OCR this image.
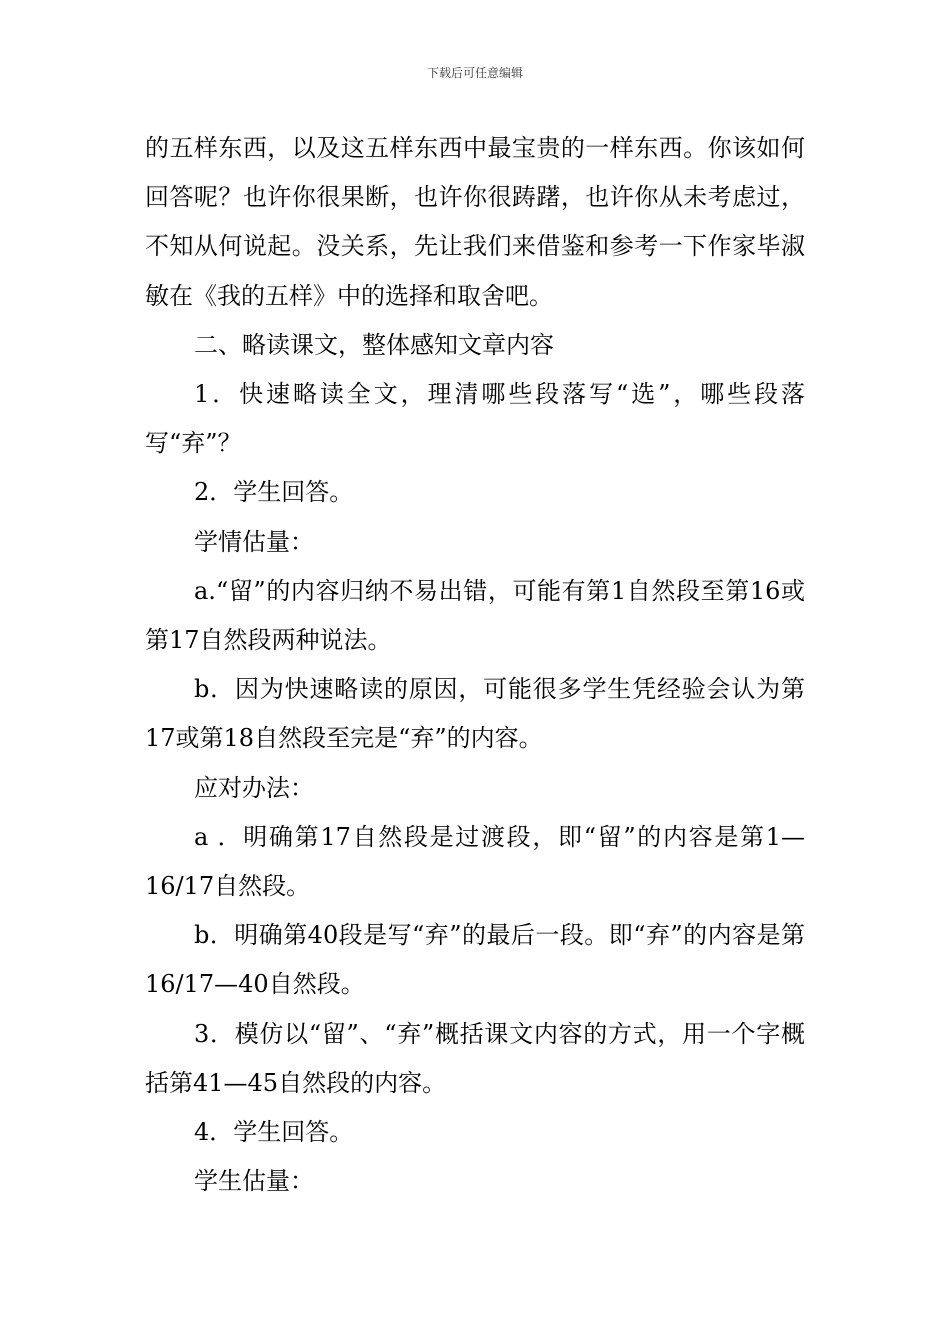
下载后可任意编辑

的五样东西，以及这五样东西中最宝贵的一样东西。你该如何回答呢？也许你很果断，也许你很踌躇，也许你从未考虑过，不知从何说起。没关系，先让我们来借鉴和参考一下作家毕淑敏在《我的五样》中的选择和取舍吧。

二、略读课文，整体感知文章内容

1．快速略读全文，理清哪些段落写“选”，哪些段落写“弃”？

2．学生回答。

学情估量：

a.“留”的内容归纳不易出错，可能有第1自然段至第16或第17自然段两种说法。

b．因为快速略读的原因，可能很多学生凭经验会认为第17或第18自然段至完是“弃”的内容。

应对办法：

a ．明确第17自然段是过渡段，即“留”的内容是第1—16/17自然段。

b．明确第40段是写“弃”的最后一段。即“弃”的内容是第16/17—40自然段。

3．模仿以“留”、“弃”概括课文内容的方式，用一个字概括第41—45自然段的内容。

4．学生回答。

学生估量：
